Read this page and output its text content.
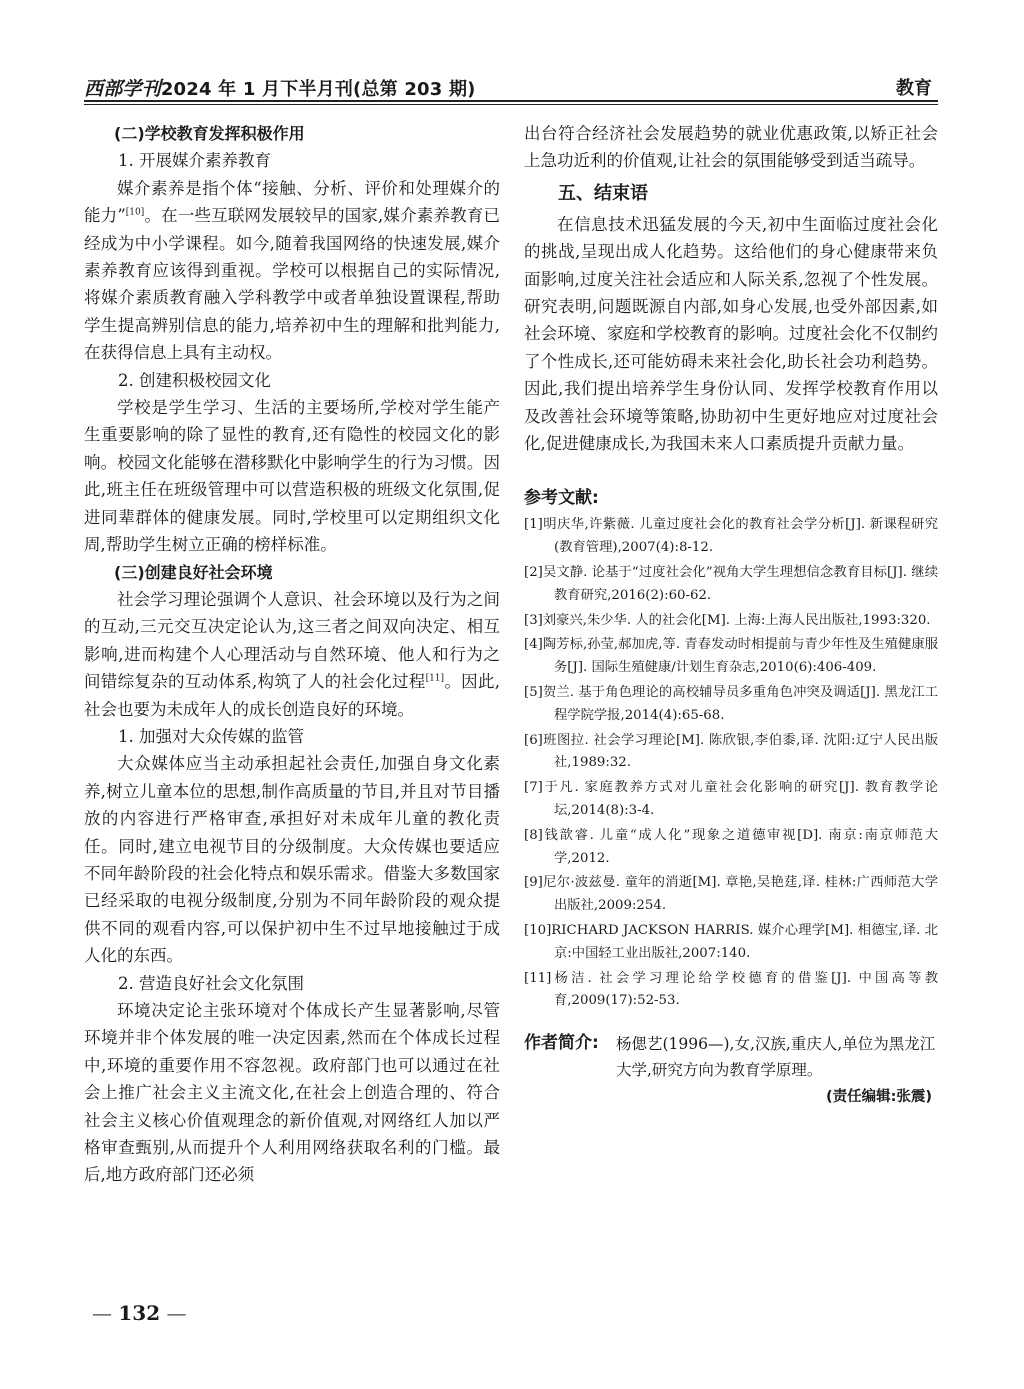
西部学刊2024 年 1 月下半月刊(总第 203 期)	教育

(二)学校教育发挥积极作用

1. 开展媒介素养教育

媒介素养是指个体“接触、分析、评价和处理媒介的能力”[10]。在一些互联网发展较早的国家,媒介素养教育已经成为中小学课程。如今,随着我国网络的快速发展,媒介素养教育应该得到重视。学校可以根据自己的实际情况,将媒介素质教育融入学科教学中或者单独设置课程,帮助学生提高辨别信息的能力,培养初中生的理解和批判能力,在获得信息上具有主动权。

2. 创建积极校园文化

学校是学生学习、生活的主要场所,学校对学生能产生重要影响的除了显性的教育,还有隐性的校园文化的影响。校园文化能够在潜移默化中影响学生的行为习惯。因此,班主任在班级管理中可以营造积极的班级文化氛围,促进同辈群体的健康发展。同时,学校里可以定期组织文化周,帮助学生树立正确的榜样标准。

(三)创建良好社会环境

社会学习理论强调个人意识、社会环境以及行为之间的互动,三元交互决定论认为,这三者之间双向决定、相互影响,进而构建个人心理活动与自然环境、他人和行为之间错综复杂的互动体系,构筑了人的社会化过程[11]。因此,社会也要为未成年人的成长创造良好的环境。

1. 加强对大众传媒的监管

大众媒体应当主动承担起社会责任,加强自身文化素养,树立儿童本位的思想,制作高质量的节目,并且对节目播放的内容进行严格审查,承担好对未成年儿童的教化责任。同时,建立电视节目的分级制度。大众传媒也要适应不同年龄阶段的社会化特点和娱乐需求。借鉴大多数国家已经采取的电视分级制度,分别为不同年龄阶段的观众提供不同的观看内容,可以保护初中生不过早地接触过于成人化的东西。

2. 营造良好社会文化氛围

环境决定论主张环境对个体成长产生显著影响,尽管环境并非个体发展的唯一决定因素,然而在个体成长过程中,环境的重要作用不容忽视。政府部门也可以通过在社会上推广社会主义主流文化,在社会上创造合理的、符合社会主义核心价值观理念的新价值观,对网络红人加以严格审查甄别,从而提升个人利用网络获取名利的门槛。最后,地方政府部门还必须

出台符合经济社会发展趋势的就业优惠政策,以矫正社会上急功近利的价值观,让社会的氛围能够受到适当疏导。

五、结束语

在信息技术迅猛发展的今天,初中生面临过度社会化的挑战,呈现出成人化趋势。这给他们的身心健康带来负面影响,过度关注社会适应和人际关系,忽视了个性发展。研究表明,问题既源自内部,如身心发展,也受外部因素,如社会环境、家庭和学校教育的影响。过度社会化不仅制约了个性成长,还可能妨碍未来社会化,助长社会功利趋势。因此,我们提出培养学生身份认同、发挥学校教育作用以及改善社会环境等策略,协助初中生更好地应对过度社会化,促进健康成长,为我国未来人口素质提升贡献力量。

参考文献:

[1]明庆华,许紫薇. 儿童过度社会化的教育社会学分析[J]. 新课程研究(教育管理),2007(4):8-12.

[2]吴文静. 论基于“过度社会化”视角大学生理想信念教育目标[J]. 继续教育研究,2016(2):60-62.

[3]刘豪兴,朱少华. 人的社会化[M]. 上海:上海人民出版社,1993:320.

[4]陶芳标,孙莹,郝加虎,等. 青春发动时相提前与青少年性及生殖健康服务[J]. 国际生殖健康/计划生育杂志,2010(6):406-409.

[5]贺兰. 基于角色理论的高校辅导员多重角色冲突及调适[J]. 黑龙江工程学院学报,2014(4):65-68.

[6]班图拉. 社会学习理论[M]. 陈欣银,李伯黍,译. 沈阳:辽宁人民出版社,1989:32.

[7]于凡. 家庭教养方式对儿童社会化影响的研究[J]. 教育教学论坛,2014(8):3-4.

[8]钱歆睿. 儿童“成人化”现象之道德审视[D]. 南京:南京师范大学,2012.

[9]尼尔·波兹曼. 童年的消逝[M]. 章艳,吴艳莛,译. 桂林:广西师范大学出版社,2009:254.

[10]RICHARD JACKSON HARRIS. 媒介心理学[M]. 相德宝,译. 北京:中国轻工业出版社,2007:140.

[11]杨洁. 社会学习理论给学校德育的借鉴[J]. 中国高等教育,2009(17):52-53.

作者简介: 杨偲艺(1996—),女,汉族,重庆人,单位为黑龙江大学,研究方向为教育学原理。
(责任编辑:张震)
— 132 —
